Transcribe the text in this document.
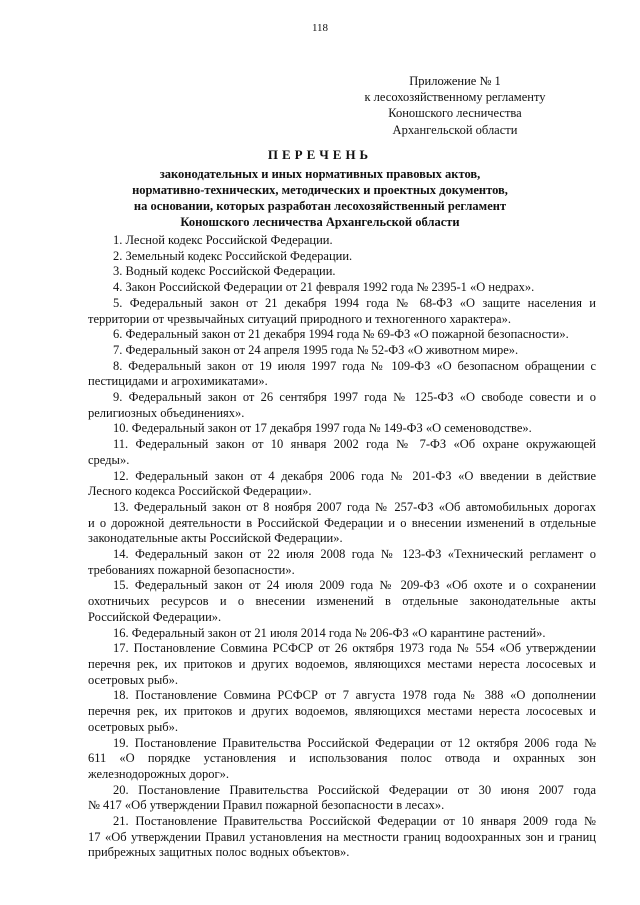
118
Приложение № 1
к лесохозяйственному регламенту
Коношского лесничества
Архангельской области
ПЕРЕЧЕНЬ
законодательных и иных нормативных правовых актов,
нормативно-технических, методических и проектных документов,
на основании, которых разработан лесохозяйственный регламент
Коношского лесничества Архангельской области
1. Лесной кодекс Российской Федерации.
2. Земельный кодекс Российской Федерации.
3. Водный кодекс Российской Федерации.
4. Закон Российской Федерации от 21 февраля 1992 года № 2395-1 «О недрах».
5. Федеральный закон от 21 декабря 1994 года № 68-ФЗ «О защите населения и
территории от чрезвычайных ситуаций природного и техногенного характера».
6. Федеральный закон от 21 декабря 1994 года № 69-ФЗ «О пожарной безопасности».
7. Федеральный закон от 24 апреля 1995 года № 52-ФЗ «О животном мире».
8. Федеральный закон от 19 июля 1997 года № 109-ФЗ «О безопасном обращении с
пестицидами и агрохимикатами».
9. Федеральный закон от 26 сентября 1997 года № 125-ФЗ «О свободе совести и о
религиозных объединениях».
10. Федеральный закон от 17 декабря 1997 года № 149-ФЗ «О семеноводстве».
11. Федеральный закон от 10 января 2002 года № 7-ФЗ «Об охране окружающей
среды».
12. Федеральный закон от 4 декабря 2006 года № 201-ФЗ «О введении в действие
Лесного кодекса Российской Федерации».
13. Федеральный закон от 8 ноября 2007 года № 257-ФЗ «Об автомобильных дорогах
и о дорожной деятельности в Российской Федерации и о внесении изменений в отдельные
законодательные акты Российской Федерации».
14. Федеральный закон от 22 июля 2008 года № 123-ФЗ «Технический регламент о
требованиях пожарной безопасности».
15. Федеральный закон от 24 июля 2009 года № 209-ФЗ «Об охоте и о сохранении
охотничьих ресурсов и о внесении изменений в отдельные законодательные акты
Российской Федерации».
16. Федеральный закон от 21 июля 2014 года № 206-ФЗ «О карантине растений».
17. Постановление Совмина РСФСР от 26 октября 1973 года № 554 «Об утверждении
перечня рек, их притоков и других водоемов, являющихся местами нереста лососевых и
осетровых рыб».
18. Постановление Совмина РСФСР от 7 августа 1978 года № 388 «О дополнении
перечня рек, их притоков и других водоемов, являющихся местами нереста лососевых и
осетровых рыб».
19. Постановление Правительства Российской Федерации от 12 октября 2006 года №
611 «О порядке установления и использования полос отвода и охранных зон
железнодорожных дорог».
20. Постановление Правительства Российской Федерации от 30 июня 2007 года
№ 417 «Об утверждении Правил пожарной безопасности в лесах».
21. Постановление Правительства Российской Федерации от 10 января 2009 года №
17 «Об утверждении Правил установления на местности границ водоохранных зон и границ
прибрежных защитных полос водных объектов».
